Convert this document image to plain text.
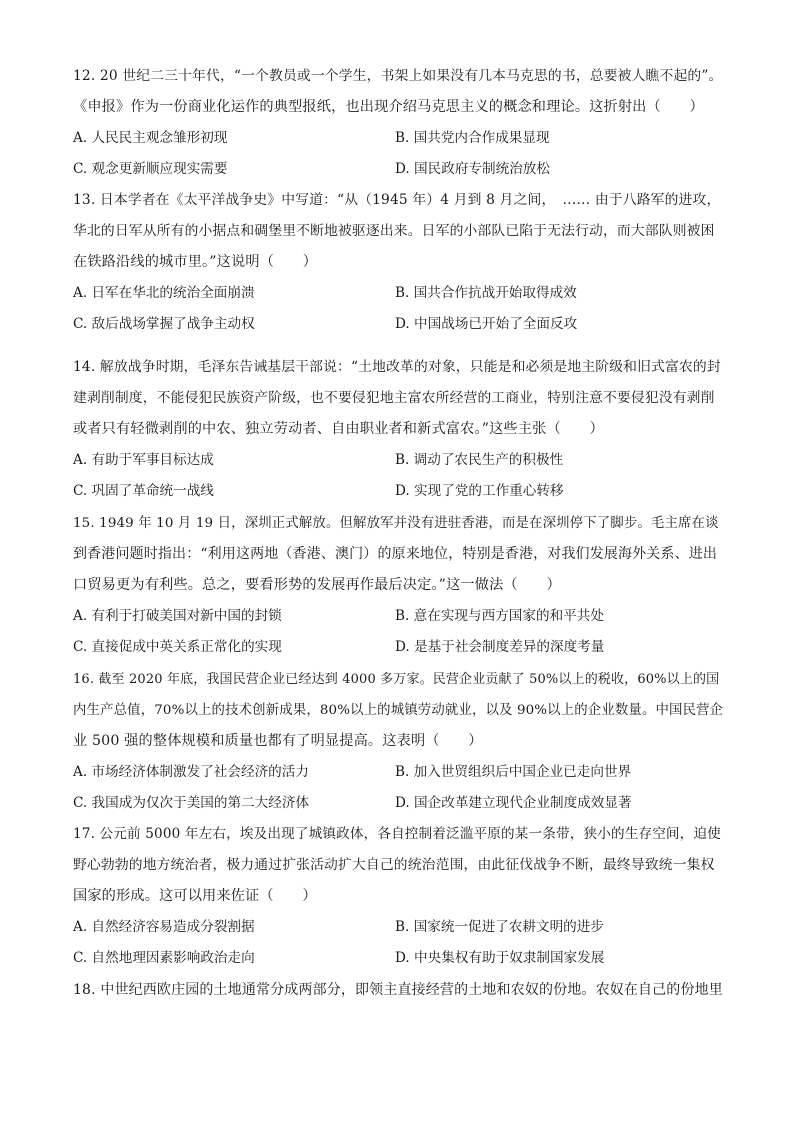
12. 20 世纪二三十年代，“一个教员或一个学生，书架上如果没有几本马克思的书，总要被人瞧不起的”。
《申报》作为一份商业化运作的典型报纸，也出现介绍马克思主义的概念和理论。这折射出（　　）
A. 人民民主观念雏形初现	B. 国共党内合作成果显现
C. 观念更新顺应现实需要	D. 国民政府专制统治放松
13. 日本学者在《太平洋战争史》中写道：“从（1945 年）4 月到 8 月之间，　…… 由于八路军的进攻，
华北的日军从所有的小据点和碉堡里不断地被驱逐出来。日军的小部队已陷于无法行动，而大部队则被困
在铁路沿线的城市里。”这说明（　　）
A. 日军在华北的统治全面崩溃	B. 国共合作抗战开始取得成效
C. 敌后战场掌握了战争主动权	D. 中国战场已开始了全面反攻
14. 解放战争时期，毛泽东告诫基层干部说：“土地改革的对象，只能是和必须是地主阶级和旧式富农的封
建剥削制度，不能侵犯民族资产阶级，也不要侵犯地主富农所经营的工商业，特别注意不要侵犯没有剥削
或者只有轻微剥削的中农、独立劳动者、自由职业者和新式富农。”这些主张（　　）
A. 有助于军事目标达成	B. 调动了农民生产的积极性
C. 巩固了革命统一战线	D. 实现了党的工作重心转移
15. 1949 年 10 月 19 日，深圳正式解放。但解放军并没有进驻香港，而是在深圳停下了脚步。毛主席在谈
到香港问题时指出：“利用这两地（香港、澳门）的原来地位，特别是香港，对我们发展海外关系、进出
口贸易更为有利些。总之，要看形势的发展再作最后决定。”这一做法（　　）
A. 有利于打破美国对新中国的封锁	B. 意在实现与西方国家的和平共处
C. 直接促成中英关系正常化的实现	D. 是基于社会制度差异的深度考量
16. 截至 2020 年底，我国民营企业已经达到 4000 多万家。民营企业贡献了 50%以上的税收，60%以上的国
内生产总值，70%以上的技术创新成果，80%以上的城镇劳动就业，以及 90%以上的企业数量。中国民营企
业 500 强的整体规模和质量也都有了明显提高。这表明（　　）
A. 市场经济体制激发了社会经济的活力	B. 加入世贸组织后中国企业已走向世界
C. 我国成为仅次于美国的第二大经济体	D. 国企改革建立现代企业制度成效显著
17. 公元前 5000 年左右，埃及出现了城镇政体，各自控制着泛滥平原的某一条带，狭小的生存空间，迫使
野心勃勃的地方统治者，极力通过扩张活动扩大自己的统治范围，由此征伐战争不断，最终导致统一集权
国家的形成。这可以用来佐证（　　）
A. 自然经济容易造成分裂割据	B. 国家统一促进了农耕文明的进步
C. 自然地理因素影响政治走向	D. 中央集权有助于奴隶制国家发展
18. 中世纪西欧庄园的土地通常分成两部分，即领主直接经营的土地和农奴的份地。农奴在自己的份地里
